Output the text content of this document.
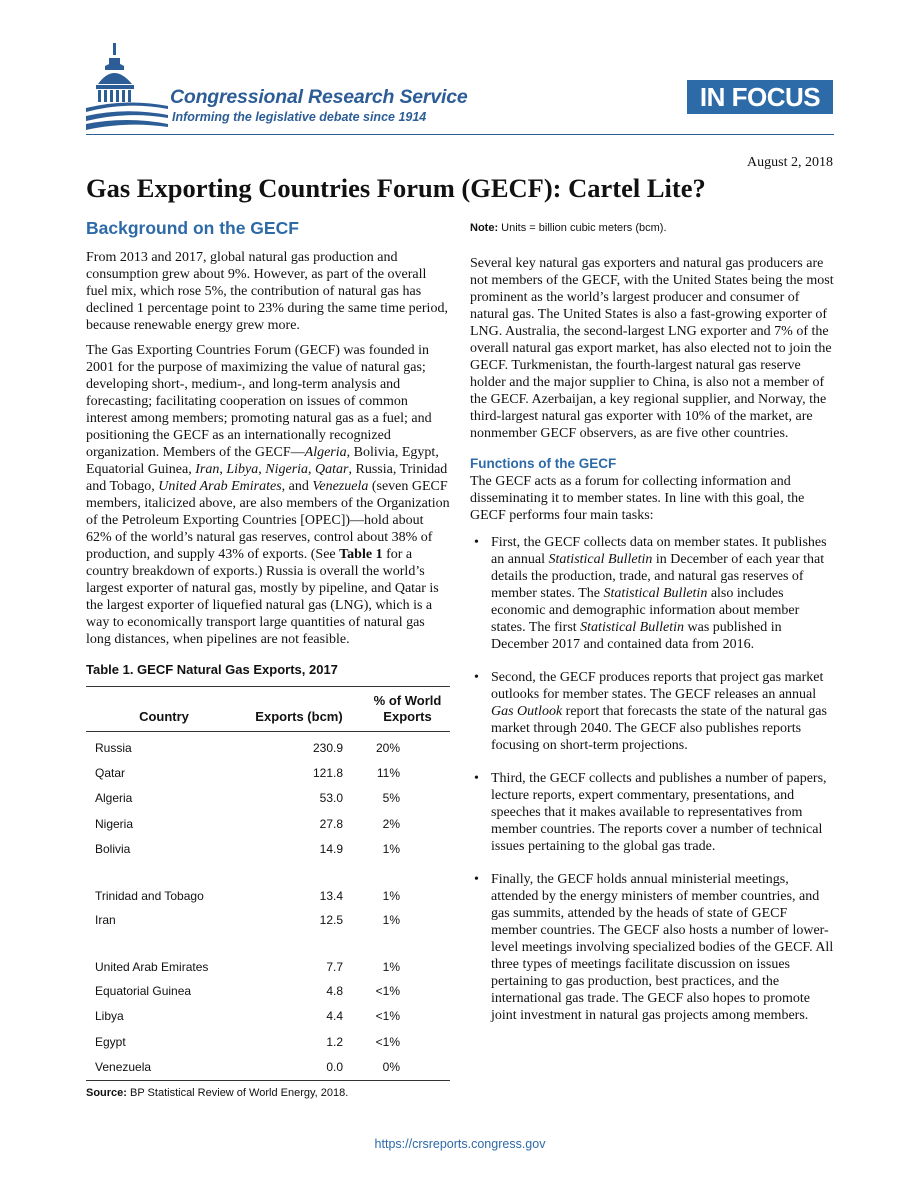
Congressional Research Service
Informing the legislative debate since 1914
IN FOCUS
August 2, 2018
Gas Exporting Countries Forum (GECF): Cartel Lite?
Background on the GECF

From 2013 and 2017, global natural gas production and consumption grew about 9%. However, as part of the overall fuel mix, which rose 5%, the contribution of natural gas has declined 1 percentage point to 23% during the same time period, because renewable energy grew more.

The Gas Exporting Countries Forum (GECF) was founded in 2001 for the purpose of maximizing the value of natural gas; developing short-, medium-, and long-term analysis and forecasting; facilitating cooperation on issues of common interest among members; promoting natural gas as a fuel; and positioning the GECF as an internationally recognized organization. Members of the GECF—Algeria, Bolivia, Egypt, Equatorial Guinea, Iran, Libya, Nigeria, Qatar, Russia, Trinidad and Tobago, United Arab Emirates, and Venezuela (seven GECF members, italicized above, are also members of the Organization of the Petroleum Exporting Countries [OPEC])—hold about 62% of the world’s natural gas reserves, control about 38% of production, and supply 43% of exports. (See Table 1 for a country breakdown of exports.) Russia is overall the world’s largest exporter of natural gas, mostly by pipeline, and Qatar is the largest exporter of liquefied natural gas (LNG), which is a way to economically transport large quantities of natural gas long distances, when pipelines are not feasible.

Table 1. GECF Natural Gas Exports, 2017
Country	Exports (bcm)	% of World Exports
Russia	230.9	20%
Qatar	121.8	11%
Algeria	53.0	5%
Nigeria	27.8	2%
Bolivia	14.9	1%
Trinidad and Tobago	13.4	1%
Iran	12.5	1%
United Arab Emirates	7.7	1%
Equatorial Guinea	4.8	<1%
Libya	4.4	<1%
Egypt	1.2	<1%
Venezuela	0.0	0%
Source: BP Statistical Review of World Energy, 2018.
Note: Units = billion cubic meters (bcm).

Several key natural gas exporters and natural gas producers are not members of the GECF, with the United States being the most prominent as the world’s largest producer and consumer of natural gas. The United States is also a fast-growing exporter of LNG. Australia, the second-largest LNG exporter and 7% of the overall natural gas export market, has also elected not to join the GECF. Turkmenistan, the fourth-largest natural gas reserve holder and the major supplier to China, is also not a member of the GECF. Azerbaijan, a key regional supplier, and Norway, the third-largest natural gas exporter with 10% of the market, are nonmember GECF observers, as are five other countries.

Functions of the GECF

The GECF acts as a forum for collecting information and disseminating it to member states. In line with this goal, the GECF performs four main tasks:

• First, the GECF collects data on member states. It publishes an annual Statistical Bulletin in December of each year that details the production, trade, and natural gas reserves of member states. The Statistical Bulletin also includes economic and demographic information about member states. The first Statistical Bulletin was published in December 2017 and contained data from 2016.
• Second, the GECF produces reports that project gas market outlooks for member states. The GECF releases an annual Gas Outlook report that forecasts the state of the natural gas market through 2040. The GECF also publishes reports focusing on short-term projections.
• Third, the GECF collects and publishes a number of papers, lecture reports, expert commentary, presentations, and speeches that it makes available to representatives from member countries. The reports cover a number of technical issues pertaining to the global gas trade.
• Finally, the GECF holds annual ministerial meetings, attended by the energy ministers of member countries, and gas summits, attended by the heads of state of GECF member countries. The GECF also hosts a number of lower-level meetings involving specialized bodies of the GECF. All three types of meetings facilitate discussion on issues pertaining to gas production, best practices, and the international gas trade. The GECF also hopes to promote joint investment in natural gas projects among members.
https://crsreports.congress.gov
